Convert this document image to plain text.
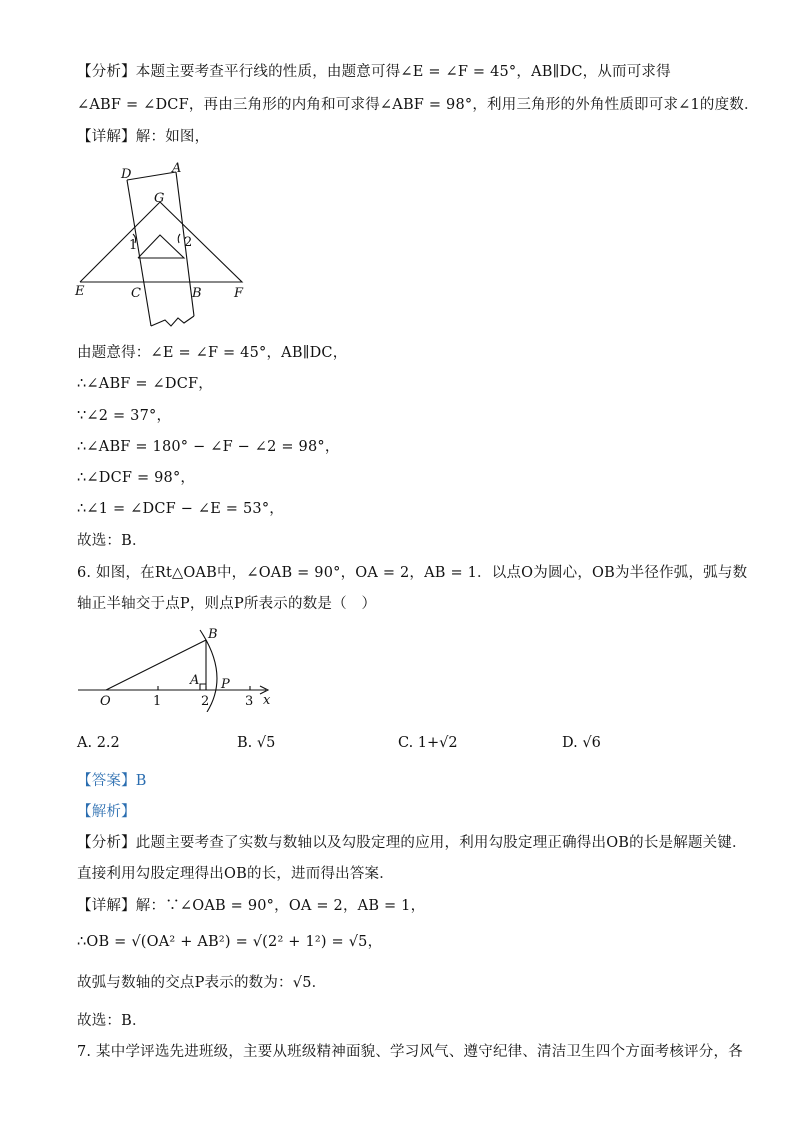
【分析】本题主要考查平行线的性质，由题意可得∠E = ∠F = 45°，AB∥DC，从而可求得
∠ABF = ∠DCF，再由三角形的内角和可求得∠ABF = 98°，利用三角形的外角性质即可求∠1的度数．
【详解】解：如图，
D	A
G
1	2
E	C	B F
由题意得：∠E = ∠F = 45°，AB∥DC，
∴∠ABF = ∠DCF，
∵∠2 = 37°，
∴∠ABF = 180° − ∠F − ∠2 = 98°，
∴∠DCF = 98°，
∴∠1 = ∠DCF − ∠E = 53°，
故选：B．
6. 如图，在Rt△OAB中，∠OAB = 90°，OA = 2，AB = 1．以点O为圆心，OB为半径作弧，弧与数
轴正半轴交于点P，则点P所表示的数是（　）
B
A P
O	1	2	3 x
A. 2.2	B. √5	C. 1+√2	D. √6
【答案】B
【解析】
【分析】此题主要考查了实数与数轴以及勾股定理的应用，利用勾股定理正确得出OB的长是解题关键．
直接利用勾股定理得出OB的长，进而得出答案．
【详解】解：∵∠OAB = 90°，OA = 2，AB = 1，
∴OB = √(OA² + AB²) = √(2² + 1²) = √5，
故弧与数轴的交点P表示的数为：√5．
故选：B．
7. 某中学评选先进班级，主要从班级精神面貌、学习风气、遵守纪律、清洁卫生四个方面考核评分，各
